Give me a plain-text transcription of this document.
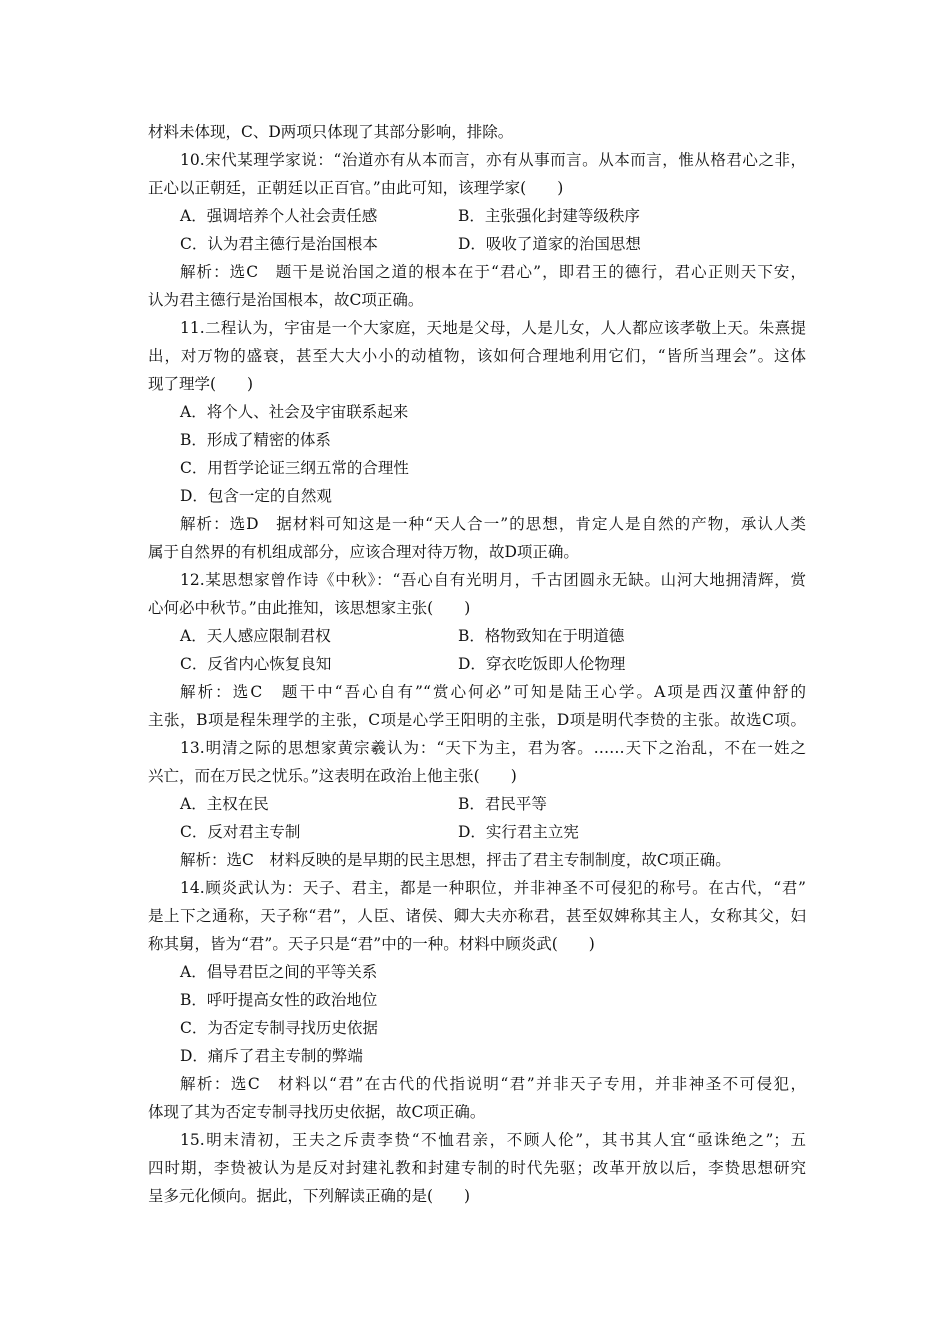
材料未体现，C、D两项只体现了其部分影响，排除。
10.宋代某理学家说：“治道亦有从本而言，亦有从事而言。从本而言，惟从格君心之非，
正心以正朝廷，正朝廷以正百官。”由此可知，该理学家(　　)
A．强调培养个人社会责任感	B．主张强化封建等级秩序
C．认为君主德行是治国根本	D．吸收了道家的治国思想
解析：选C　题干是说治国之道的根本在于“君心”，即君王的德行，君心正则天下安，
认为君主德行是治国根本，故C项正确。
11.二程认为，宇宙是一个大家庭，天地是父母，人是儿女，人人都应该孝敬上天。朱熹提
出，对万物的盛衰，甚至大大小小的动植物，该如何合理地利用它们，“皆所当理会”。这体
现了理学(　　)
A．将个人、社会及宇宙联系起来
B．形成了精密的体系
C．用哲学论证三纲五常的合理性
D．包含一定的自然观
解析：选D　据材料可知这是一种“天人合一”的思想，肯定人是自然的产物，承认人类
属于自然界的有机组成部分，应该合理对待万物，故D项正确。
12.某思想家曾作诗《中秋》：“吾心自有光明月，千古团圆永无缺。山河大地拥清辉，赏
心何必中秋节。”由此推知，该思想家主张(　　)
A．天人感应限制君权	B．格物致知在于明道德
C．反省内心恢复良知	D．穿衣吃饭即人伦物理
解析：选C　题干中“吾心自有”“赏心何必”可知是陆王心学。A项是西汉董仲舒的
主张，B项是程朱理学的主张，C项是心学王阳明的主张，D项是明代李贽的主张。故选C项。
13.明清之际的思想家黄宗羲认为：“天下为主，君为客。……天下之治乱，不在一姓之
兴亡，而在万民之忧乐。”这表明在政治上他主张(　　)
A．主权在民	B．君民平等
C．反对君主专制	D．实行君主立宪
解析：选C　材料反映的是早期的民主思想，抨击了君主专制制度，故C项正确。
14.顾炎武认为：天子、君主，都是一种职位，并非神圣不可侵犯的称号。在古代，“君”
是上下之通称，天子称“君”，人臣、诸侯、卿大夫亦称君，甚至奴婢称其主人，女称其父，妇
称其舅，皆为“君”。天子只是“君”中的一种。材料中顾炎武(　　)
A．倡导君臣之间的平等关系
B．呼吁提高女性的政治地位
C．为否定专制寻找历史依据
D．痛斥了君主专制的弊端
解析：选C　材料以“君”在古代的代指说明“君”并非天子专用，并非神圣不可侵犯，
体现了其为否定专制寻找历史依据，故C项正确。
15.明末清初，王夫之斥责李贽“不恤君亲，不顾人伦”，其书其人宜“亟诛绝之”；五
四时期，李贽被认为是反对封建礼教和封建专制的时代先驱；改革开放以后，李贽思想研究
呈多元化倾向。据此，下列解读正确的是(　　)
